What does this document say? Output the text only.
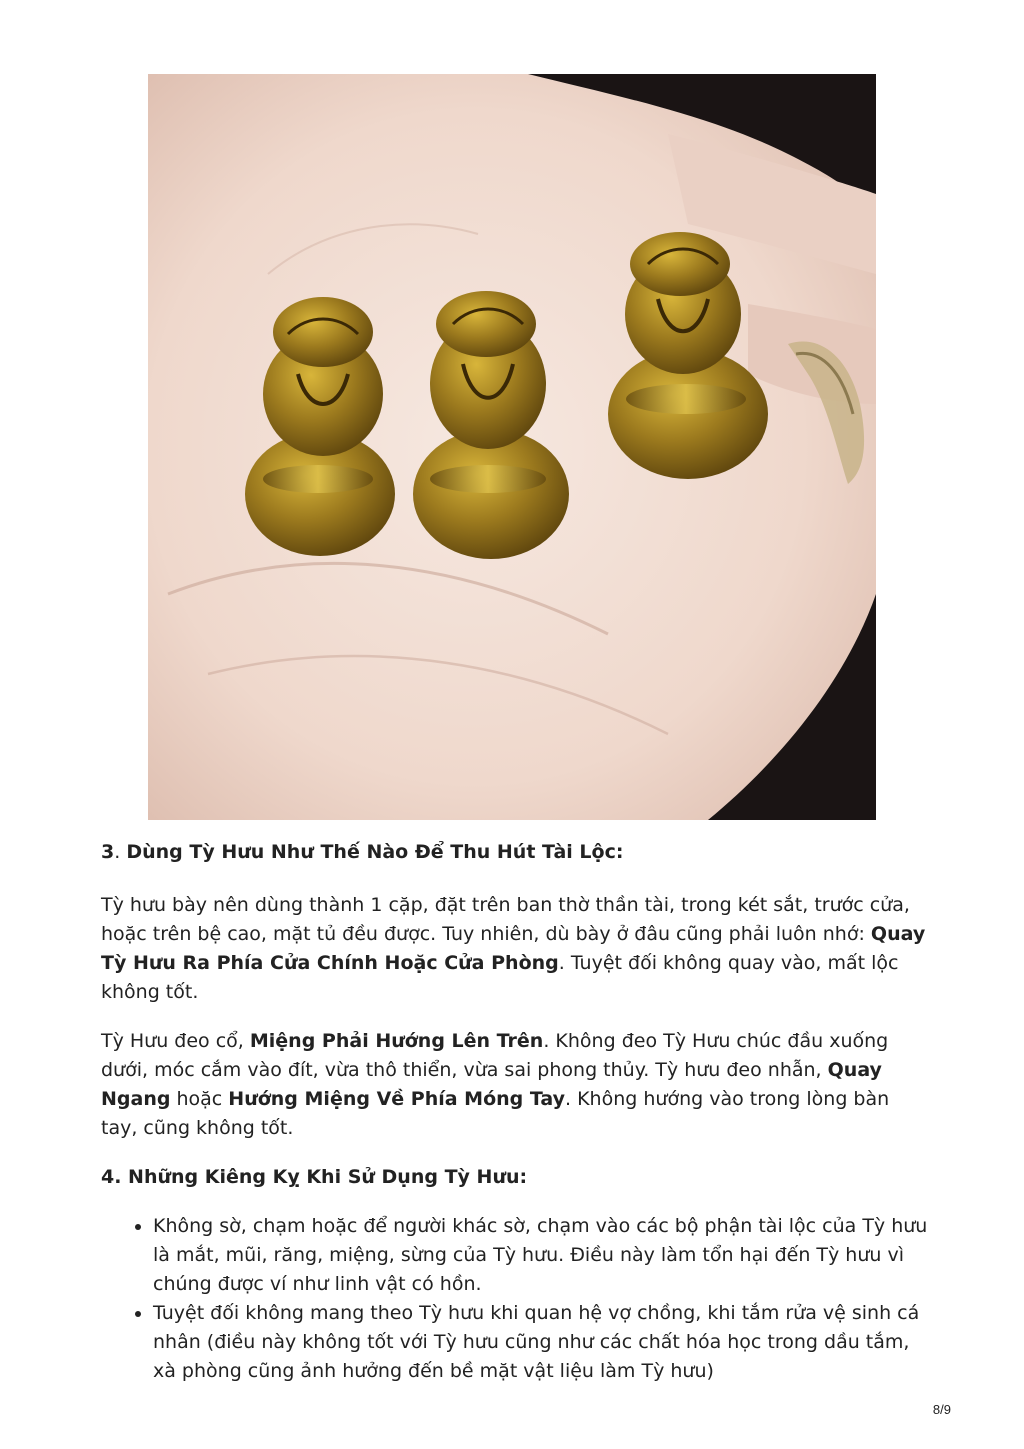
3. Dùng Tỳ Hưu Như Thế Nào Để Thu Hút Tài Lộc:

Tỳ hưu bày nên dùng thành 1 cặp, đặt trên ban thờ thần tài, trong két sắt, trước cửa, hoặc trên bệ cao, mặt tủ đều được. Tuy nhiên, dù bày ở đâu cũng phải luôn nhớ: Quay Tỳ Hưu Ra Phía Cửa Chính Hoặc Cửa Phòng. Tuyệt đối không quay vào, mất lộc không tốt.

Tỳ Hưu đeo cổ, Miệng Phải Hướng Lên Trên. Không đeo Tỳ Hưu chúc đầu xuống dưới, móc cắm vào đít, vừa thô thiển, vừa sai phong thủy. Tỳ hưu đeo nhẫn, Quay
Ngang hoặc Hướng Miệng Về Phía Móng Tay. Không hướng vào trong lòng bàn tay, cũng không tốt.

4. Những Kiêng Kỵ Khi Sử Dụng Tỳ Hưu:
• Không sờ, chạm hoặc để người khác sờ, chạm vào các bộ phận tài lộc của Tỳ hưu là mắt, mũi, răng, miệng, sừng của Tỳ hưu. Điều này làm tổn hại đến Tỳ hưu vì chúng được ví như linh vật có hồn.
• Tuyệt đối không mang theo Tỳ hưu khi quan hệ vợ chồng, khi tắm rửa vệ sinh cá nhân (điều này không tốt với Tỳ hưu cũng như các chất hóa học trong dầu tắm, xà phòng cũng ảnh hưởng đến bề mặt vật liệu làm Tỳ hưu)
8/9
